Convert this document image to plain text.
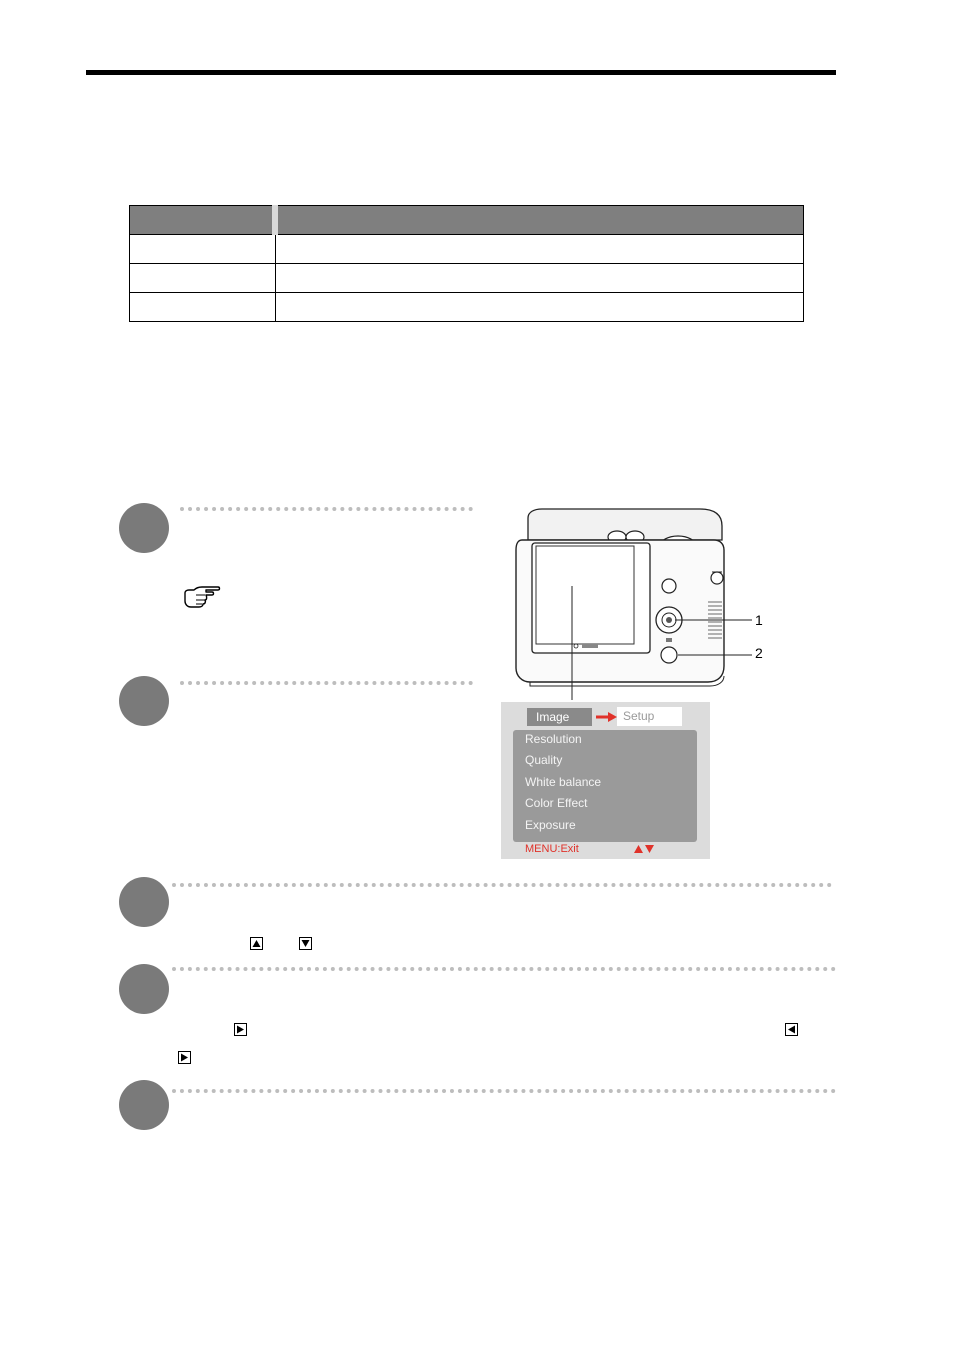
1
2
Image	Setup
Resolution
Quality
White balance
Color Effect
Exposure
MENU:Exit
